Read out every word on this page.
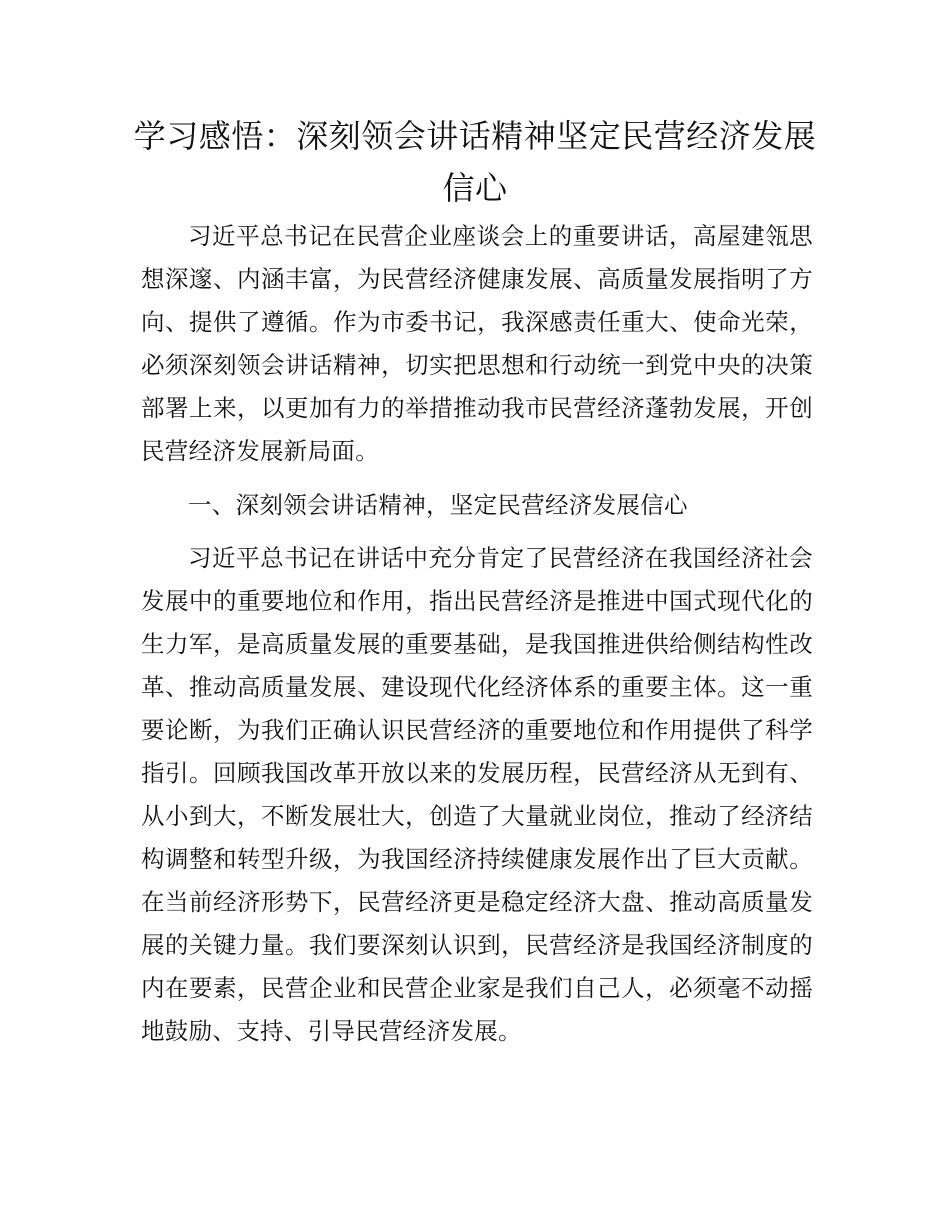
学习感悟：深刻领会讲话精神坚定民营经济发展信心

习近平总书记在民营企业座谈会上的重要讲话，高屋建瓴思想深邃、内涵丰富，为民营经济健康发展、高质量发展指明了方向、提供了遵循。作为市委书记，我深感责任重大、使命光荣，必须深刻领会讲话精神，切实把思想和行动统一到党中央的决策部署上来，以更加有力的举措推动我市民营经济蓬勃发展，开创民营经济发展新局面。

一、深刻领会讲话精神，坚定民营经济发展信心

习近平总书记在讲话中充分肯定了民营经济在我国经济社会发展中的重要地位和作用，指出民营经济是推进中国式现代化的生力军，是高质量发展的重要基础，是我国推进供给侧结构性改革、推动高质量发展、建设现代化经济体系的重要主体。这一重要论断，为我们正确认识民营经济的重要地位和作用提供了科学指引。回顾我国改革开放以来的发展历程，民营经济从无到有、从小到大，不断发展壮大，创造了大量就业岗位，推动了经济结构调整和转型升级，为我国经济持续健康发展作出了巨大贡献。在当前经济形势下，民营经济更是稳定经济大盘、推动高质量发展的关键力量。我们要深刻认识到，民营经济是我国经济制度的内在要素，民营企业和民营企业家是我们自己人，必须毫不动摇地鼓励、支持、引导民营经济发展。
